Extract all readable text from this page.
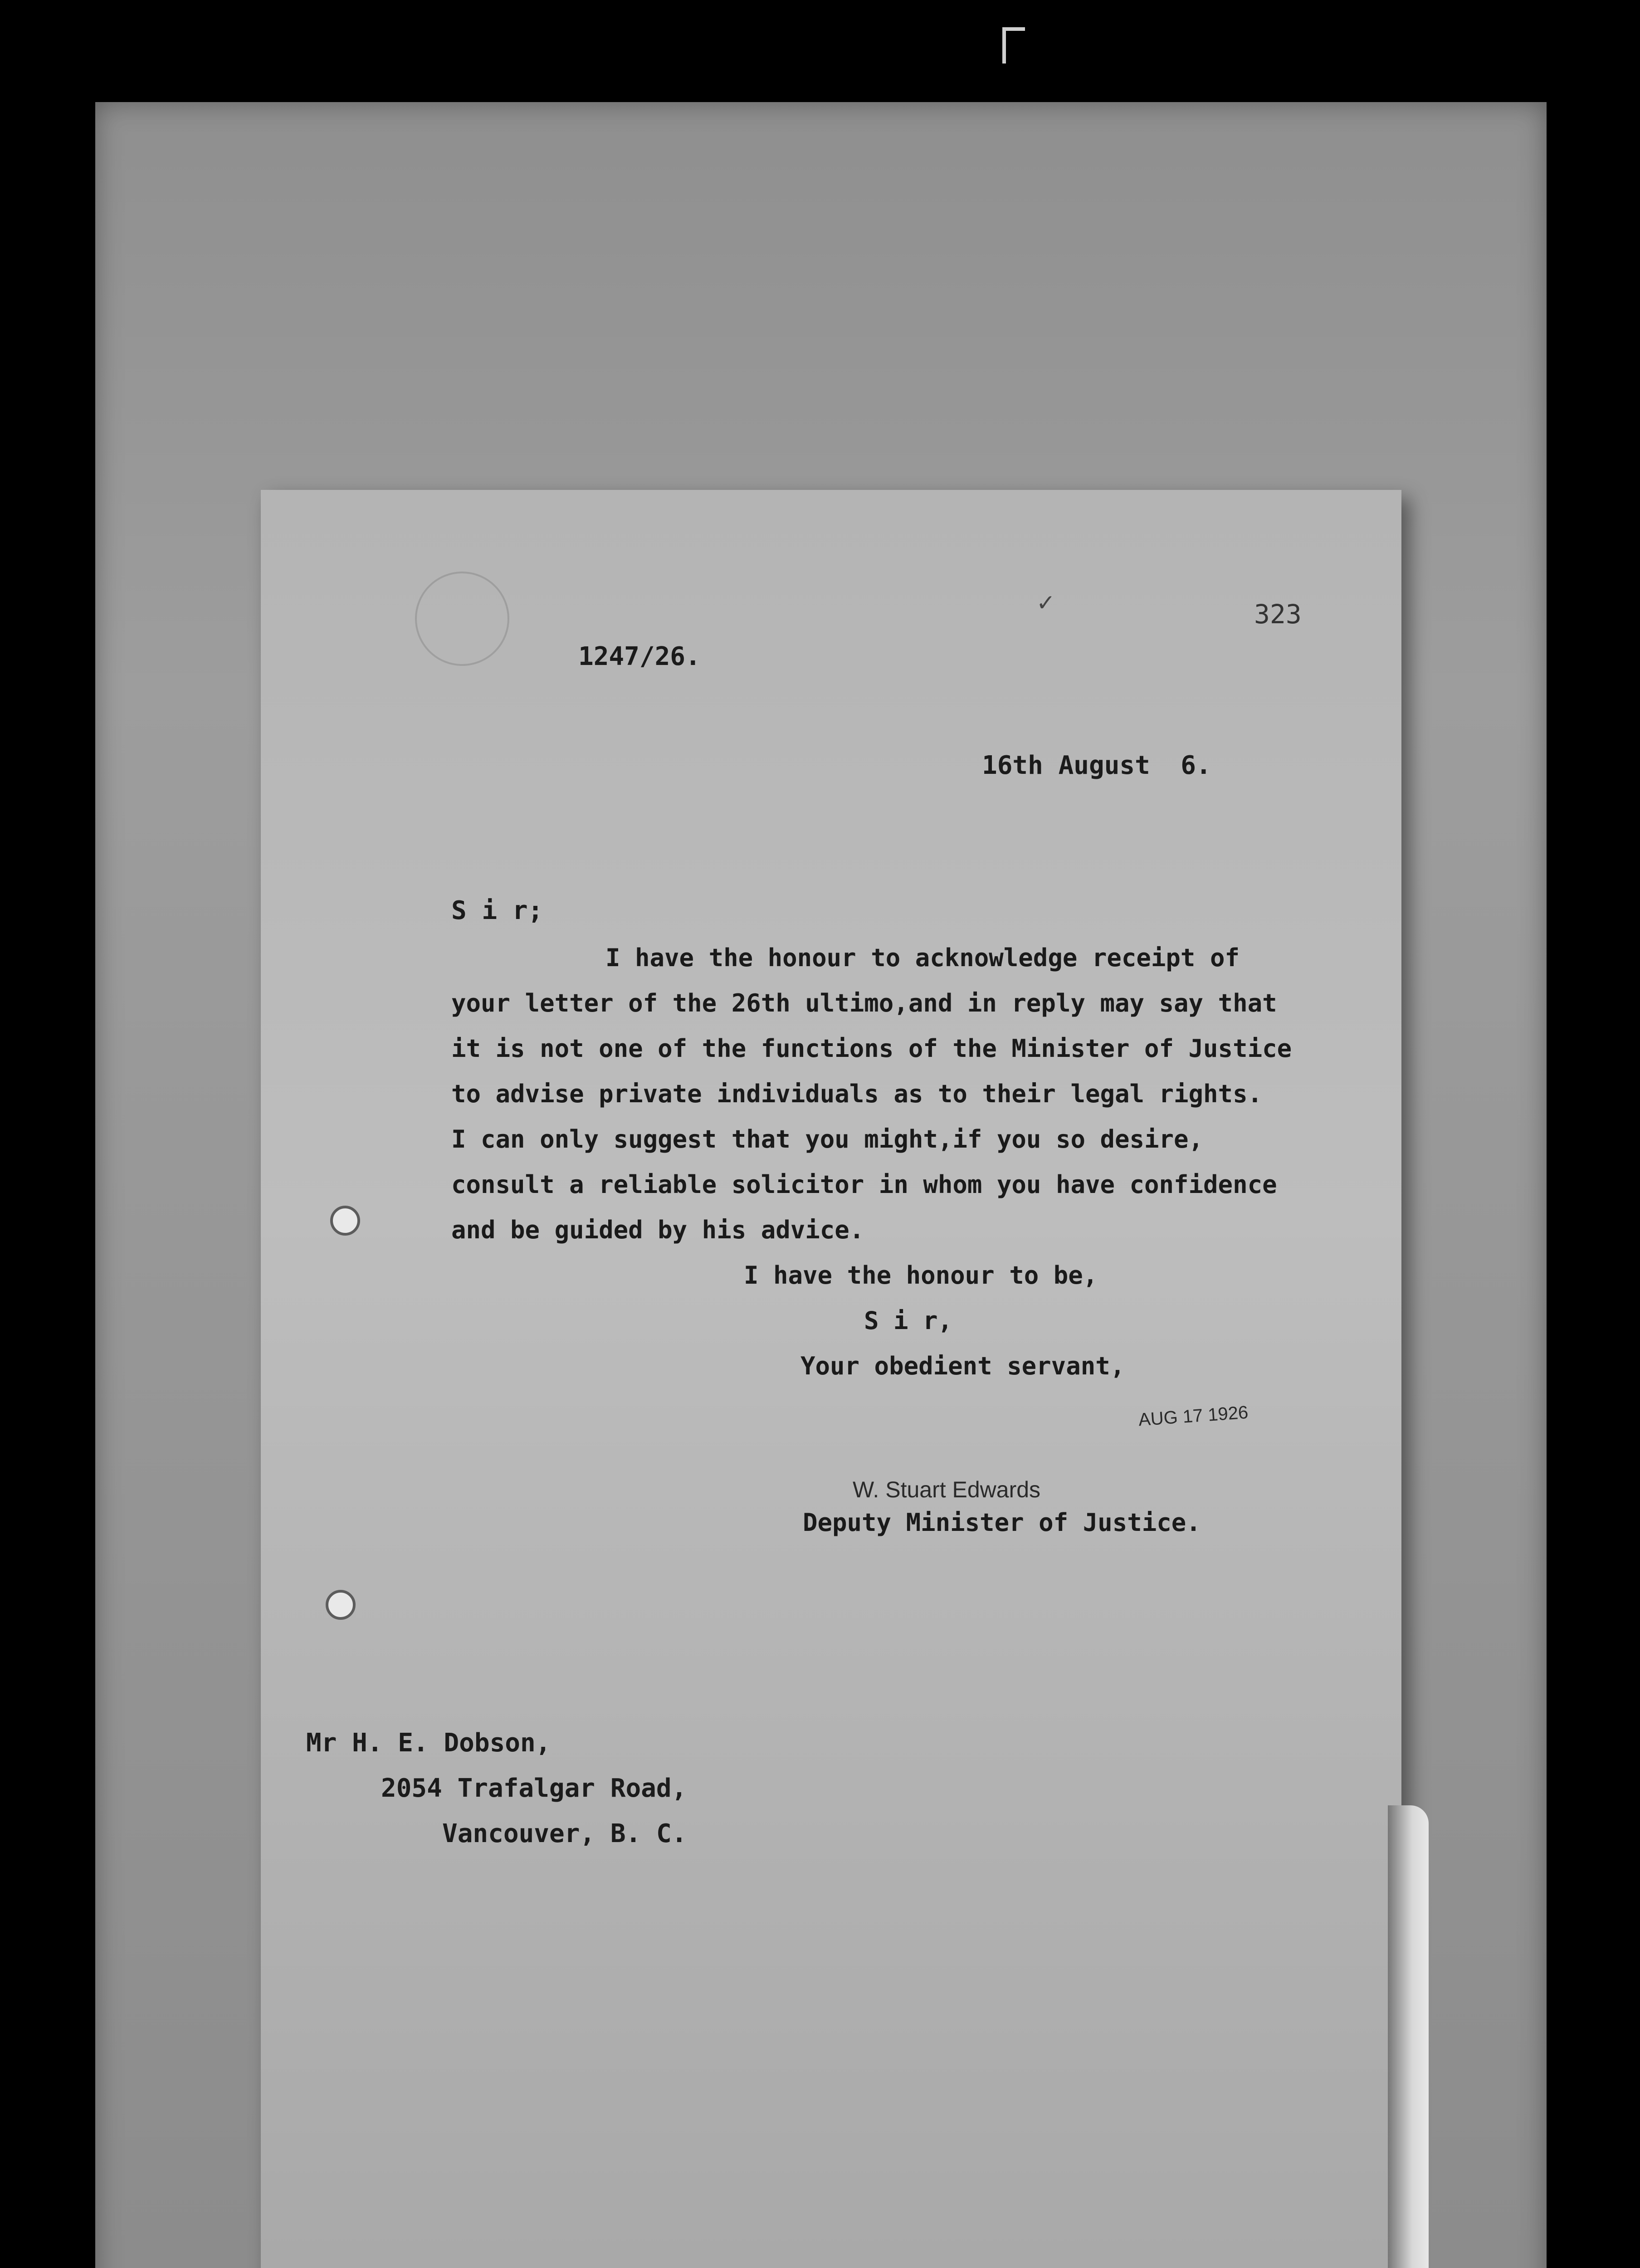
✓	323
1247/26.
16th August  6.
S i r;
I have the honour to acknowledge receipt of
your letter of the 26th ultimo,and in reply may say that
it is not one of the functions of the Minister of Justice
to advise private individuals as to their legal rights.
I can only suggest that you might,if you so desire,
consult a reliable solicitor in whom you have confidence
and be guided by his advice.
I have the honour to be,
S i r,
Your obedient servant,
AUG 17 1926
W. Stuart Edwards
Deputy Minister of Justice.
Mr H. E. Dobson,
2054 Trafalgar Road,
Vancouver, B. C.
